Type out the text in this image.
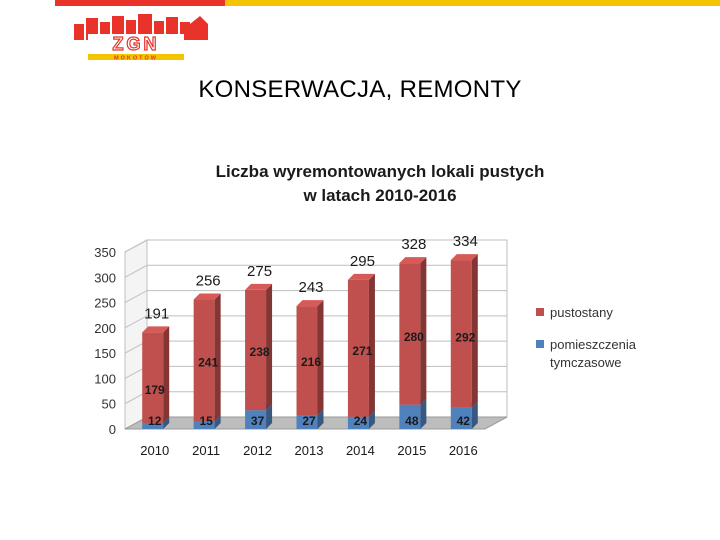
ZGN
MOKOTÓW
KONSERWACJA, REMONTY
Liczba wyremontowanych lokali pustych
w latach 2010-2016
0
50
100
150
200
250
300
350
12
179
191
2010
15
241
256
2011
37
238
275
2012
27
216
243
2013
24
271
295
2014
48
280
328
2015
42
292
334
2016
pustostany
pomieszczenia tymczasowe
